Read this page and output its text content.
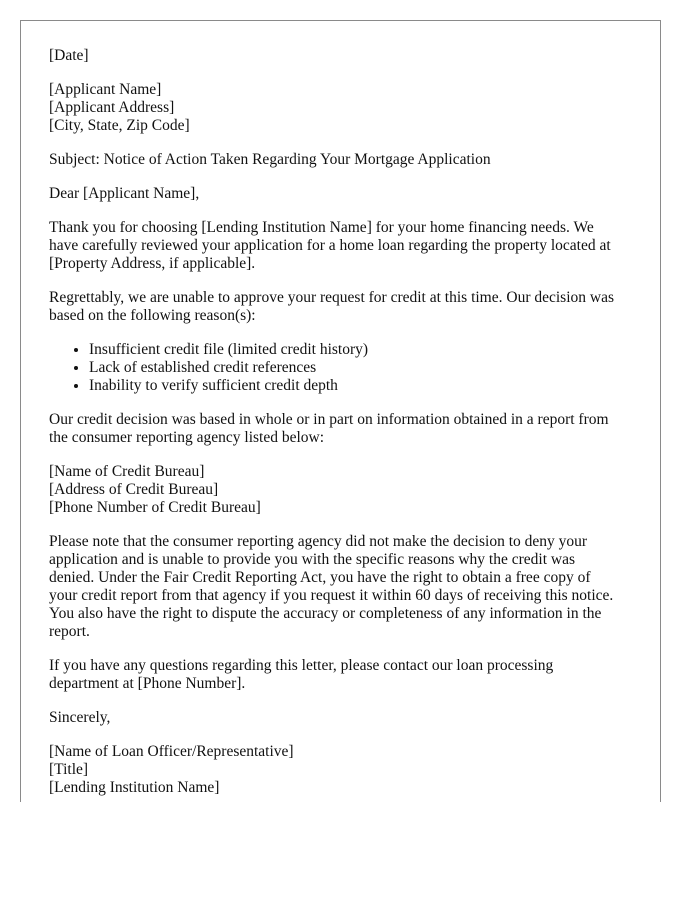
[Date]
[Applicant Name]
[Applicant Address]
[City, State, Zip Code]
Subject: Notice of Action Taken Regarding Your Mortgage Application
Dear [Applicant Name],
Thank you for choosing [Lending Institution Name] for your home financing needs. We
have carefully reviewed your application for a home loan regarding the property located at
[Property Address, if applicable].
Regrettably, we are unable to approve your request for credit at this time. Our decision was
based on the following reason(s):
• Insufficient credit file (limited credit history)
• Lack of established credit references
• Inability to verify sufficient credit depth
Our credit decision was based in whole or in part on information obtained in a report from
the consumer reporting agency listed below:
[Name of Credit Bureau]
[Address of Credit Bureau]
[Phone Number of Credit Bureau]
Please note that the consumer reporting agency did not make the decision to deny your
application and is unable to provide you with the specific reasons why the credit was
denied. Under the Fair Credit Reporting Act, you have the right to obtain a free copy of
your credit report from that agency if you request it within 60 days of receiving this notice.
You also have the right to dispute the accuracy or completeness of any information in the
report.
If you have any questions regarding this letter, please contact our loan processing
department at [Phone Number].
Sincerely,
[Name of Loan Officer/Representative]
[Title]
[Lending Institution Name]
